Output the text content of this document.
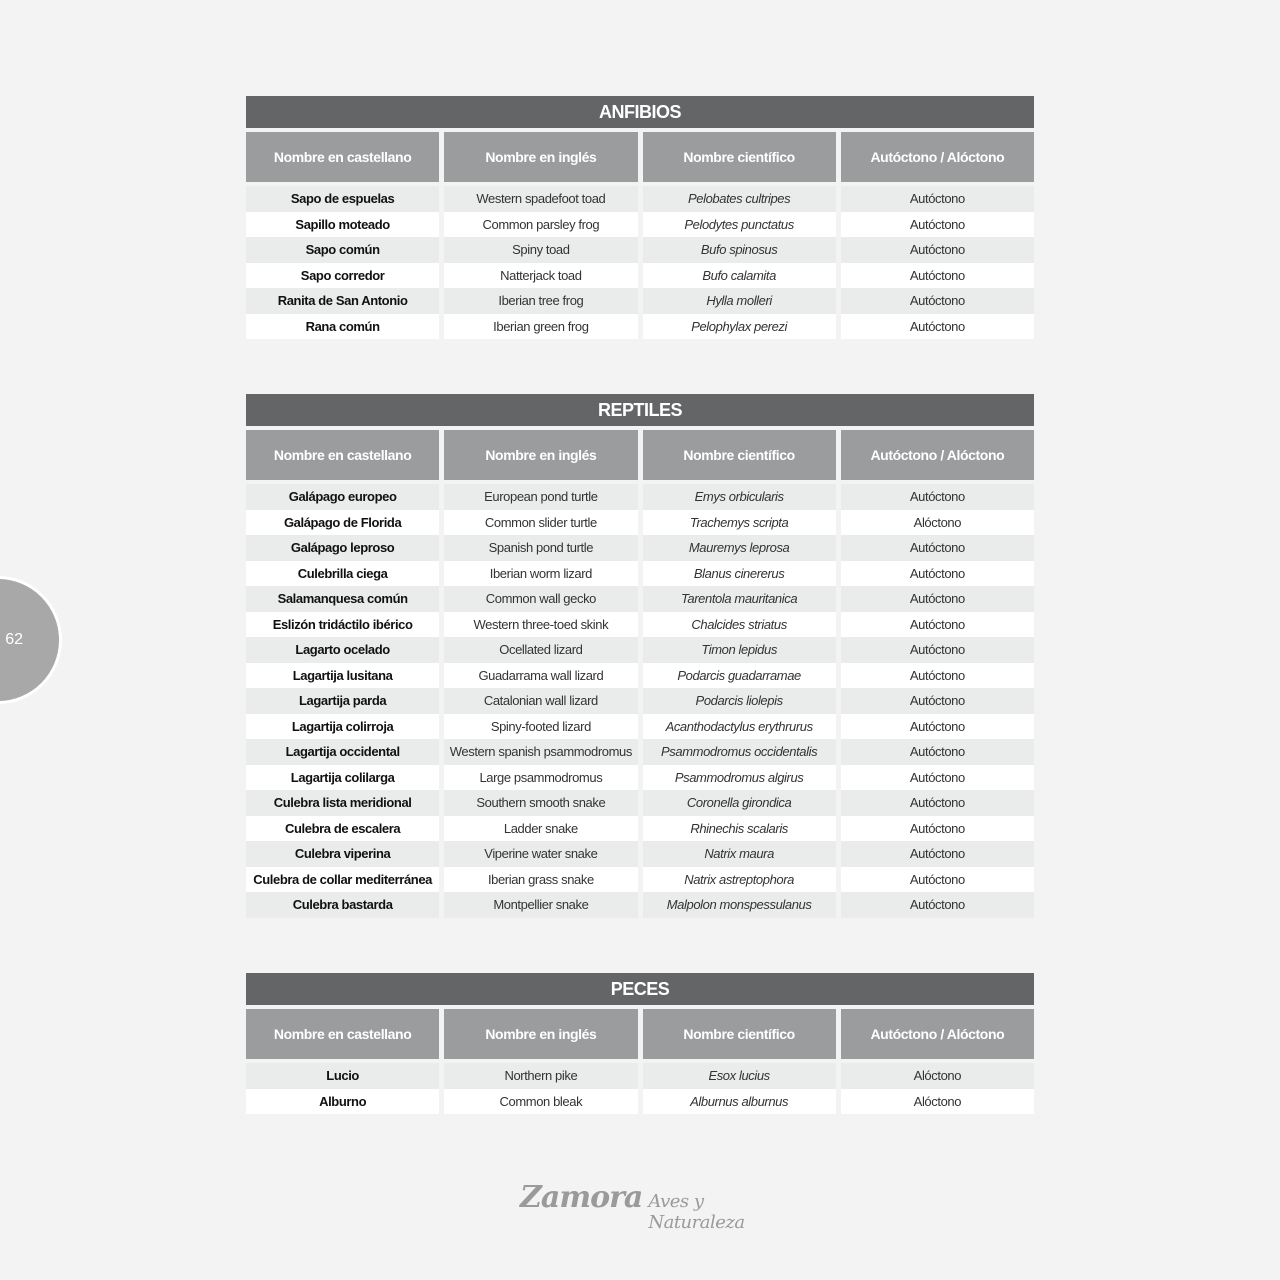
ANFIBIOS
Nombre en castellano	Nombre en inglés	Nombre científico	Autóctono / Alóctono
Sapo de espuelas	Western spadefoot toad	Pelobates cultripes	Autóctono
Sapillo moteado	Common parsley frog	Pelodytes punctatus	Autóctono
Sapo común	Spiny toad	Bufo spinosus	Autóctono
Sapo corredor	Natterjack toad	Bufo calamita	Autóctono
Ranita de San Antonio	Iberian tree frog	Hylla molleri	Autóctono
Rana común	Iberian green frog	Pelophylax perezi	Autóctono
REPTILES
Nombre en castellano	Nombre en inglés	Nombre científico	Autóctono / Alóctono
Galápago europeo	European pond turtle	Emys orbicularis	Autóctono
Galápago de Florida	Common slider turtle	Trachemys scripta	Alóctono
Galápago leproso	Spanish pond turtle	Mauremys leprosa	Autóctono
Culebrilla ciega	Iberian worm lizard	Blanus cinererus	Autóctono
Salamanquesa común	Common wall gecko	Tarentola mauritanica	Autóctono
Eslizón tridáctilo ibérico	Western three-toed skink	Chalcides striatus	Autóctono
Lagarto ocelado	Ocellated lizard	Timon lepidus	Autóctono
Lagartija lusitana	Guadarrama wall lizard	Podarcis guadarramae	Autóctono
Lagartija parda	Catalonian wall lizard	Podarcis liolepis	Autóctono
Lagartija colirroja	Spiny-footed lizard	Acanthodactylus erythrurus	Autóctono
Lagartija occidental	Western spanish psammodromus	Psammodromus occidentalis	Autóctono
Lagartija colilarga	Large psammodromus	Psammodromus algirus	Autóctono
Culebra lista meridional	Southern smooth snake	Coronella girondica	Autóctono
Culebra de escalera	Ladder snake	Rhinechis scalaris	Autóctono
Culebra viperina	Viperine water snake	Natrix maura	Autóctono
Culebra de collar mediterránea	Iberian grass snake	Natrix astreptophora	Autóctono
Culebra bastarda	Montpellier snake	Malpolon monspessulanus	Autóctono
PECES
Nombre en castellano	Nombre en inglés	Nombre científico	Autóctono / Alóctono
Lucio	Northern pike	Esox lucius	Alóctono
Alburno	Common bleak	Alburnus alburnus	Alóctono
62
Zamora Aves y Naturaleza
